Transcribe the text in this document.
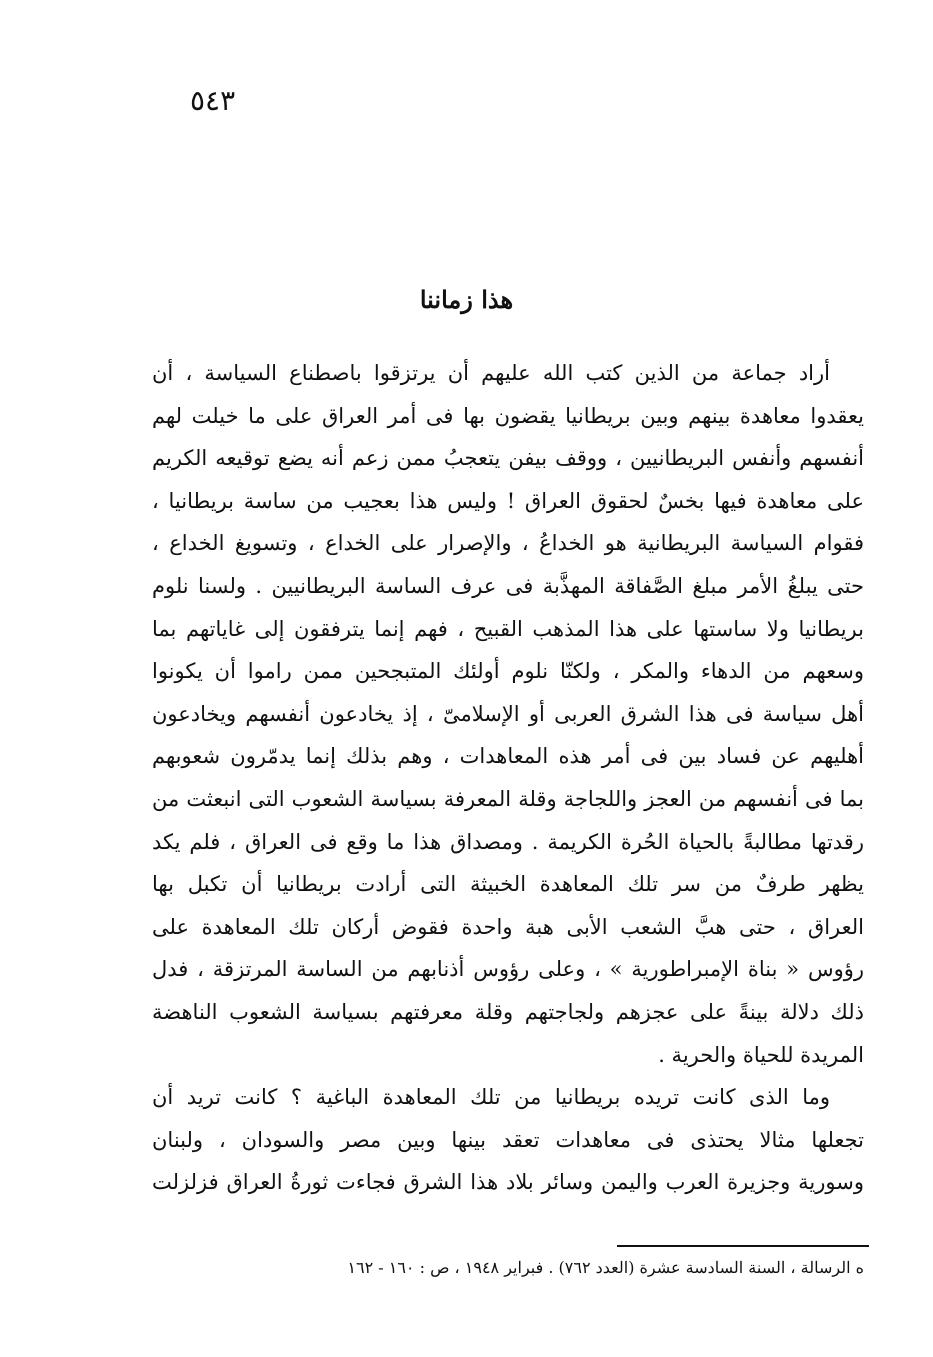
٥٤٣
هذا زماننا
أراد جماعة من الذين كتب الله عليهم أن يرتزقوا باصطناع السياسة ، أن
يعقدوا معاهدة بينهم وبين بريطانيا يقضون بها فى أمر العراق على ما خيلت لهم
أنفسهم وأنفس البريطانيين ، ووقف بيفن يتعجبُ ممن زعم أنه يضع توقيعه الكريم
على معاهدة فيها بخسٌ لحقوق العراق ! وليس هذا بعجيب من ساسة بريطانيا ،
فقوام السياسة البريطانية هو الخداعُ ، والإصرار على الخداع ، وتسويغ الخداع ،
حتى يبلغُ الأمر مبلغ الصَّفاقة المهذَّبة فى عرف الساسة البريطانيين . ولسنا نلوم
بريطانيا ولا ساستها على هذا المذهب القبيح ، فهم إنما يترفقون إلى غاياتهم بما
وسعهم من الدهاء والمكر ، ولكنّا نلوم أولئك المتبجحين ممن راموا أن يكونوا
أهل سياسة فى هذا الشرق العربى أو الإسلامىّ ، إذ يخادعون أنفسهم ويخادعون
أهليهم عن فساد بين فى أمر هذه المعاهدات ، وهم بذلك إنما يدمّرون شعوبهم
بما فى أنفسهم من العجز واللجاجة وقلة المعرفة بسياسة الشعوب التى انبعثت من
رقدتها مطالبةً بالحياة الحُرة الكريمة . ومصداق هذا ما وقع فى العراق ، فلم يكد
يظهر طرفٌ من سر تلك المعاهدة الخبيثة التى أرادت بريطانيا أن تكبل بها
العراق ، حتى هبَّ الشعب الأبى هبة واحدة فقوض أركان تلك المعاهدة على
رؤوس « بناة الإمبراطورية » ، وعلى رؤوس أذنابهم من الساسة المرتزقة ، فدل
ذلك دلالة بينةً على عجزهم ولجاجتهم وقلة معرفتهم بسياسة الشعوب الناهضة
المريدة للحياة والحرية .
وما الذى كانت تريده بريطانيا من تلك المعاهدة الباغية ؟ كانت تريد أن
تجعلها مثالا يحتذى فى معاهدات تعقد بينها وبين مصر والسودان ، ولبنان
وسورية وجزيرة العرب واليمن وسائر بلاد هذا الشرق فجاءت ثورةُ العراق فزلزلت
ه الرسالة ، السنة السادسة عشرة (العدد ٧٦٢) . فبراير ١٩٤٨ ، ص : ١٦٠ - ١٦٢
